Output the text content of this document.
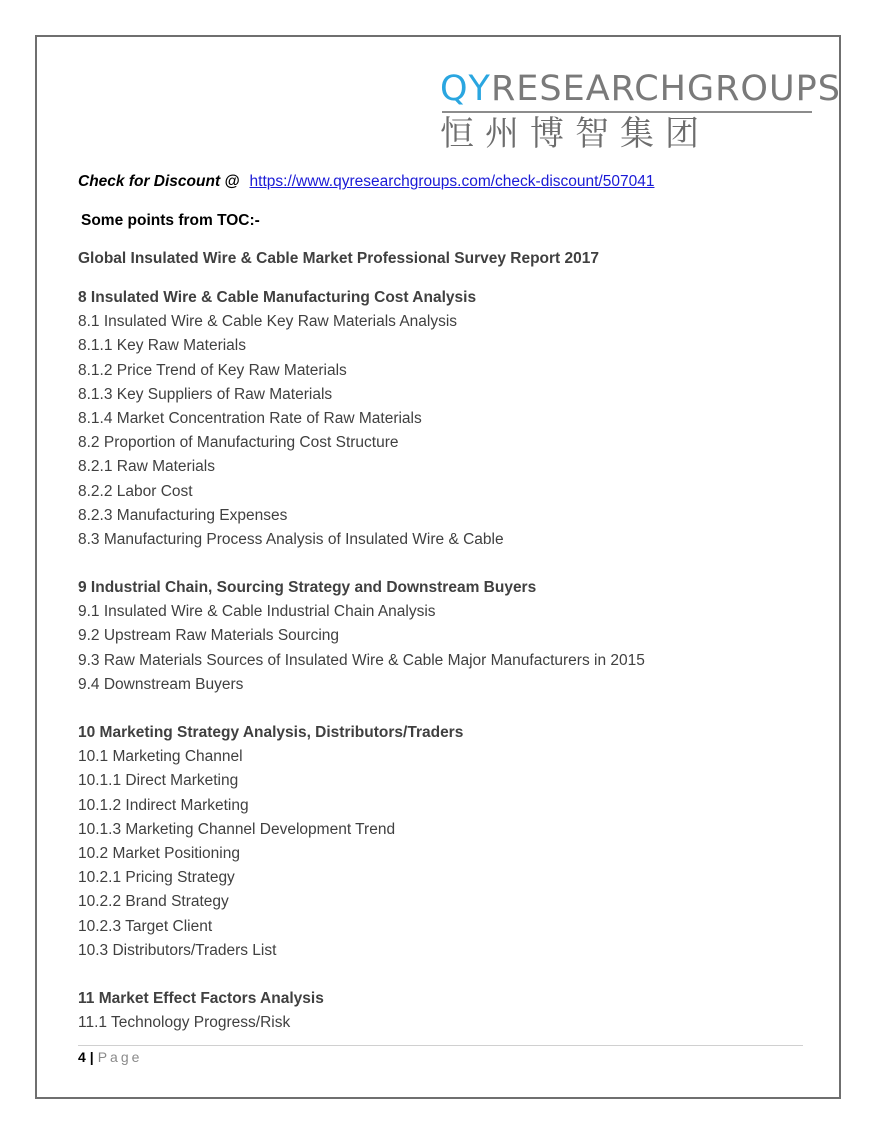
QYRESEARCHGROUPS
恒州博智集团
Check for Discount @ https://www.qyresearchgroups.com/check-discount/507041
Some points from TOC:-
Global Insulated Wire & Cable Market Professional Survey Report 2017
8 Insulated Wire & Cable Manufacturing Cost Analysis
8.1 Insulated Wire & Cable Key Raw Materials Analysis
8.1.1 Key Raw Materials
8.1.2 Price Trend of Key Raw Materials
8.1.3 Key Suppliers of Raw Materials
8.1.4 Market Concentration Rate of Raw Materials
8.2 Proportion of Manufacturing Cost Structure
8.2.1 Raw Materials
8.2.2 Labor Cost
8.2.3 Manufacturing Expenses
8.3 Manufacturing Process Analysis of Insulated Wire & Cable
9 Industrial Chain, Sourcing Strategy and Downstream Buyers
9.1 Insulated Wire & Cable Industrial Chain Analysis
9.2 Upstream Raw Materials Sourcing
9.3 Raw Materials Sources of Insulated Wire & Cable Major Manufacturers in 2015
9.4 Downstream Buyers
10 Marketing Strategy Analysis, Distributors/Traders
10.1 Marketing Channel
10.1.1 Direct Marketing
10.1.2 Indirect Marketing
10.1.3 Marketing Channel Development Trend
10.2 Market Positioning
10.2.1 Pricing Strategy
10.2.2 Brand Strategy
10.2.3 Target Client
10.3 Distributors/Traders List
11 Market Effect Factors Analysis
11.1 Technology Progress/Risk
4 | Page
